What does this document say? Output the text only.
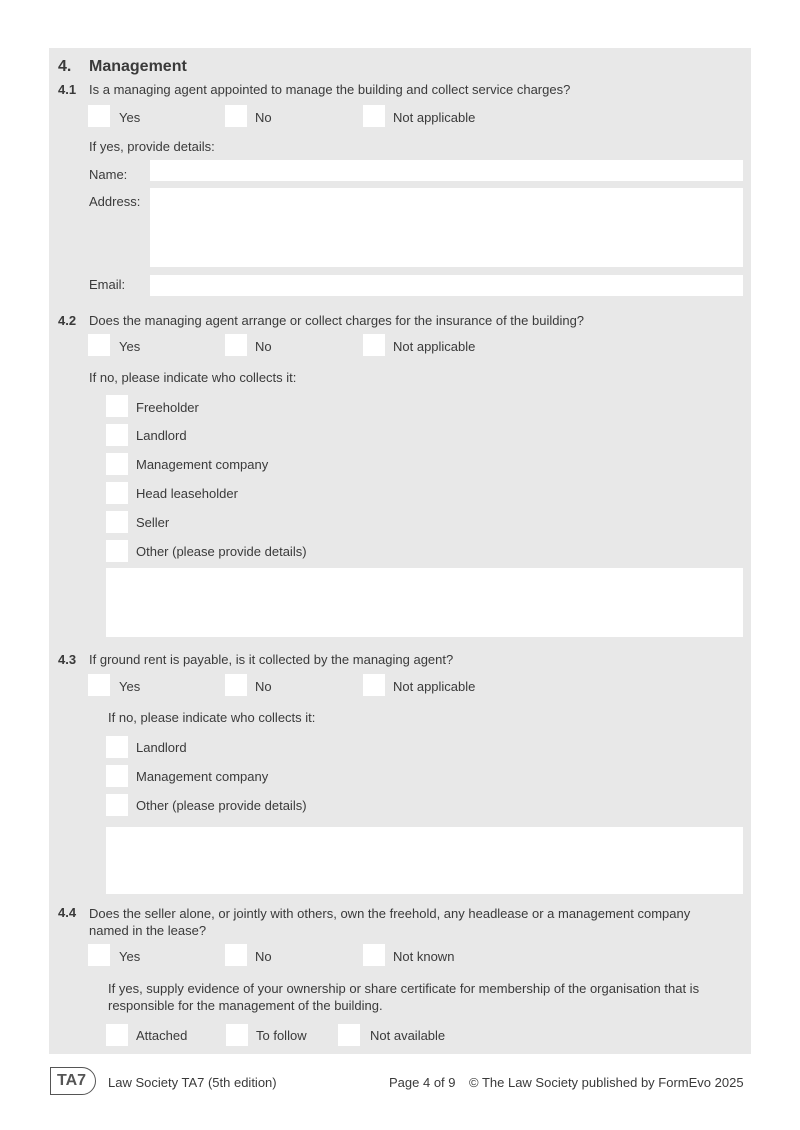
4. Management
4.1 Is a managing agent appointed to manage the building and collect service charges?
Yes	No	Not applicable
If yes, provide details:
Name:
Address:
Email:
4.2 Does the managing agent arrange or collect charges for the insurance of the building?
Yes	No	Not applicable
If no, please indicate who collects it:
Freeholder
Landlord
Management company
Head leaseholder
Seller
Other (please provide details)
4.3 If ground rent is payable, is it collected by the managing agent?
Yes	No	Not applicable
If no, please indicate who collects it:
Landlord
Management company
Other (please provide details)
4.4 Does the seller alone, or jointly with others, own the freehold, any headlease or a management company named in the lease?
Yes	No	Not known
If yes, supply evidence of your ownership or share certificate for membership of the organisation that is responsible for the management of the building.
Attached	To follow	Not available
TA7 Law Society TA7 (5th edition)	Page 4 of 9 © The Law Society published by FormEvo 2025
